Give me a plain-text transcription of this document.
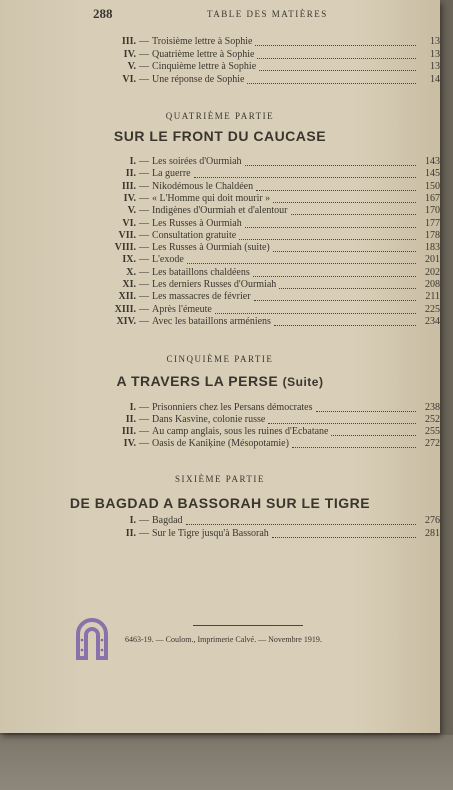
288	TABLE DES MATIÈRES
III. — Troisième lettre à Sophie	13
IV. — Quatrième lettre à Sophie	13
V. — Cinquième lettre à Sophie	13
VI. — Une réponse de Sophie	14
QUATRIÈME PARTIE
SUR LE FRONT DU CAUCASE
I. — Les soirées d'Ourmiah	143
II. — La guerre	145
III. — Nikodémous le Chaldéen	150
IV. — « L'Homme qui doit mourir »	167
V. — Indigènes d'Ourmiah et d'alentour	170
VI. — Les Russes à Ourmiah	177
VII. — Consultation gratuite	178
VIII. — Les Russes à Ourmiah (suite)	183
IX. — L'exode	201
X. — Les bataillons chaldéens	202
XI. — Les derniers Russes d'Ourmiah	208
XII. — Les massacres de février	211
XIII. — Après l'émeute	225
XIV. — Avec les bataillons arméniens	234
CINQUIÈME PARTIE
A TRAVERS LA PERSE (Suite)
I. — Prisonniers chez les Persans démocrates	238
II. — Dans Kasvine, colonie russe	252
III. — Au camp anglais, sous les ruines d'Ecbatane	255
IV. — Oasis de Kaniķine (Mésopotamie)	272
SIXIÈME PARTIE
DE BAGDAD A BASSORAH SUR LE TIGRE
I. — Bagdad	276
II. — Sur le Tigre jusqu'à Bassorah	281
6463-19. — Coulom., Imprimerie Calvé. — Novembre 1919.
